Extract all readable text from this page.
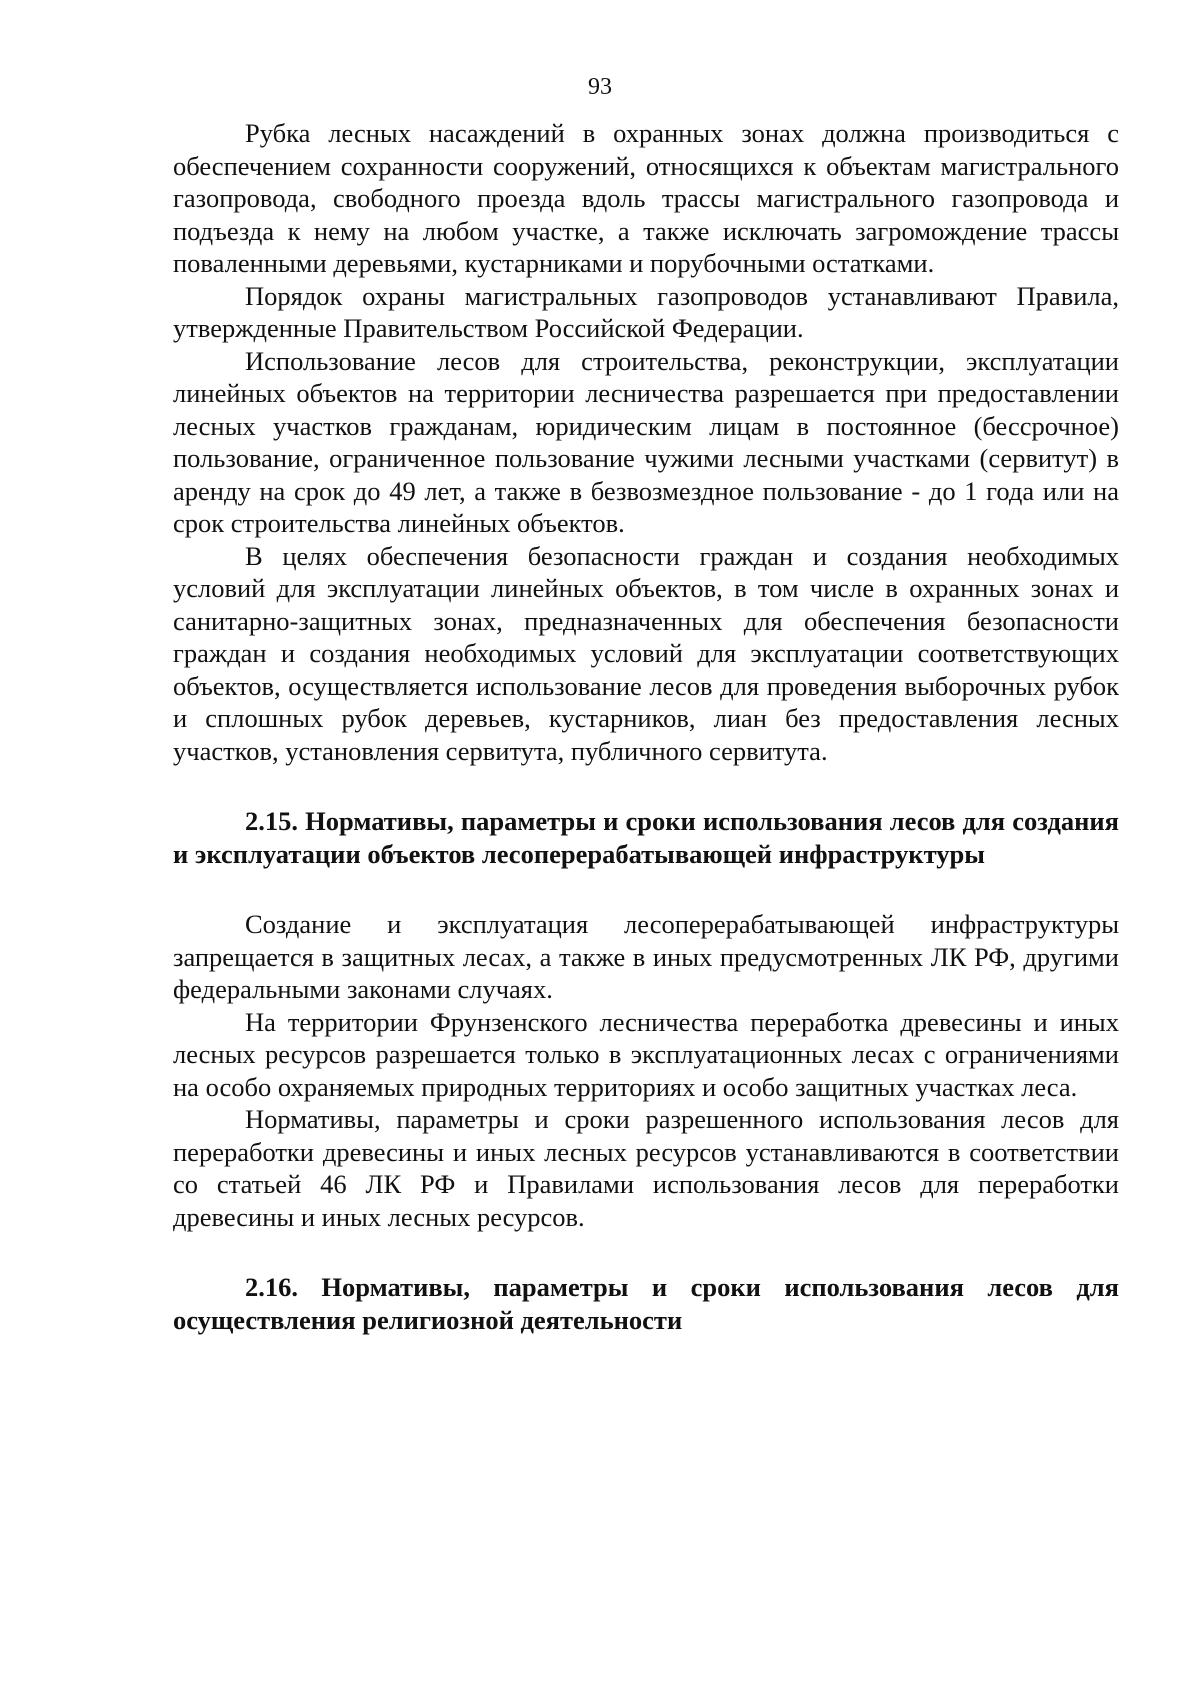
93

Рубка лесных насаждений в охранных зонах должна производиться с обеспечением сохранности сооружений, относящихся к объектам магистрального газопровода, свободного проезда вдоль трассы магистрального газопровода и подъезда к нему на любом участке, а также исключать загромождение трассы поваленными деревьями, кустарниками и порубочными остатками.

Порядок охраны магистральных газопроводов устанавливают Правила, утвержденные Правительством Российской Федерации.

Использование лесов для строительства, реконструкции, эксплуатации линейных объектов на территории лесничества разрешается при предоставлении лесных участков гражданам, юридическим лицам в постоянное (бессрочное) пользование, ограниченное пользование чужими лесными участками (сервитут) в аренду на срок до 49 лет, а также в безвозмездное пользование - до 1 года или на срок строительства линейных объектов.

В целях обеспечения безопасности граждан и создания необходимых условий для эксплуатации линейных объектов, в том числе в охранных зонах и санитарно-защитных зонах, предназначенных для обеспечения безопасности граждан и создания необходимых условий для эксплуатации соответствующих объектов, осуществляется использование лесов для проведения выборочных рубок и сплошных рубок деревьев, кустарников, лиан без предоставления лесных участков, установления сервитута, публичного сервитута.

2.15. Нормативы, параметры и сроки использования лесов для создания и эксплуатации объектов лесоперерабатывающей инфраструктуры

Создание и эксплуатация лесоперерабатывающей инфраструктуры запрещается в защитных лесах, а также в иных предусмотренных ЛК РФ, другими федеральными законами случаях.

На территории Фрунзенского лесничества переработка древесины и иных лесных ресурсов разрешается только в эксплуатационных лесах с ограничениями на особо охраняемых природных территориях и особо защитных участках леса.

Нормативы, параметры и сроки разрешенного использования лесов для переработки древесины и иных лесных ресурсов устанавливаются в соответствии со статьей 46 ЛК РФ и Правилами использования лесов для переработки древесины и иных лесных ресурсов.

2.16. Нормативы, параметры и сроки использования лесов для осуществления религиозной деятельности
